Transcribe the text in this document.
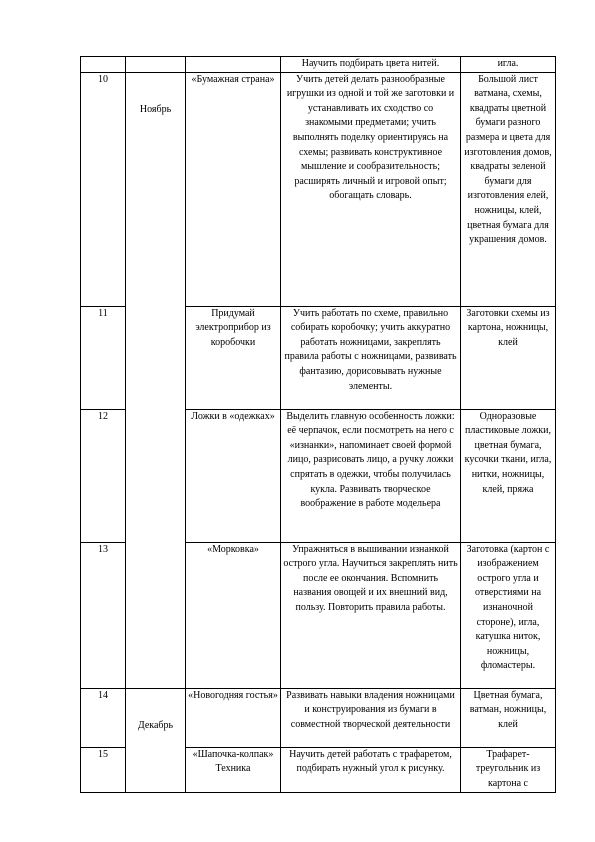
			Научить подбирать цвета нитей.	игла.
10	Ноябрь	«Бумажная страна»	Учить детей делать разнообразные игрушки из одной и той же заготовки и устанавливать их сходство со знакомыми предметами; учить выполнять поделку ориентируясь на схемы; развивать конструктивное мышление и сообразительность; расширять личный и игровой опыт; обогащать словарь.	Большой лист ватмана, схемы, квадраты цветной бумаги разного размера и цвета для изготовления домов, квадраты зеленой бумаги для изготовления елей, ножницы, клей, цветная бумага для украшения домов.
11		Придумай электроприбор из коробочки	Учить работать по схеме, правильно собирать коробочку; учить аккуратно работать ножницами, закреплять правила работы с ножницами, развивать фантазию, дорисовывать нужные элементы.	Заготовки схемы из картона, ножницы, клей
12		Ложки в «одежках»	Выделить главную особенность ложки: её черпачок, если посмотреть на него с «изнанки», напоминает своей формой лицо, разрисовать лицо, а ручку ложки спрятать в одежки, чтобы получилась кукла. Развивать творческое воображение в работе модельера	Одноразовые пластиковые ложки, цветная бумага, кусочки ткани, игла, нитки, ножницы, клей, пряжа
13		«Морковка»	Упражняться в вышивании изнанкой острого угла. Научиться закреплять нить после ее окончания. Вспомнить названия овощей и их внешний вид, пользу. Повторить правила работы.	Заготовка (картон с изображением острого угла и отверстиями на изнаночной стороне), игла, катушка ниток, ножницы, фломастеры.
14	Декабрь	«Новогодняя гостья»	Развивать навыки владения ножницами и конструирования из бумаги в совместной творческой деятельности	Цветная бумага, ватман, ножницы, клей
15		«Шапочка-колпак» Техника	Научить детей работать с трафаретом, подбирать нужный угол к рисунку.	Трафарет- треугольник из картона с
